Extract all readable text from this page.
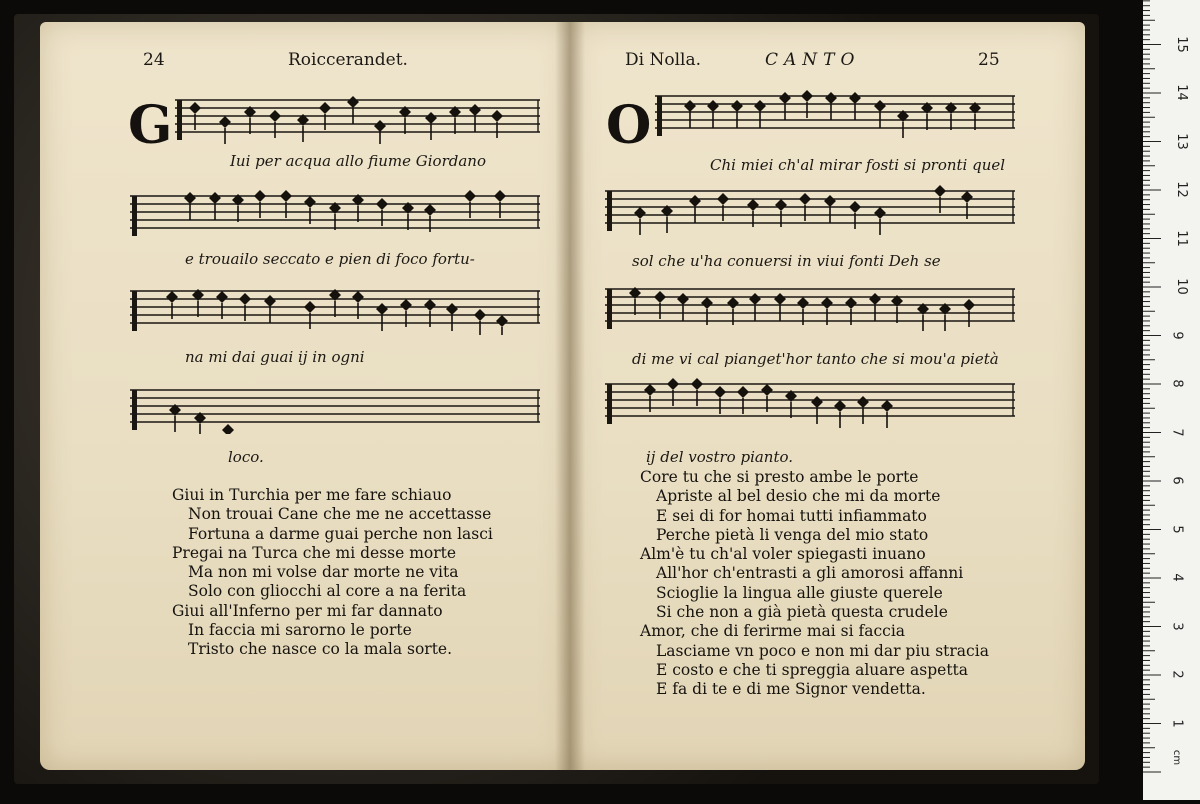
24	Roiccerandet.
G
Iui per acqua allo fiume Giordano
e trouailo seccato e pien di foco fortu-
na mi dai guai ij in ogni
loco.
Giui in Turchia per me fare schiauo
Non trouai Cane che me ne accettasse
Fortuna a darme guai perche non lasci
Pregai na Turca che mi desse morte
Ma non mi volse dar morte ne vita
Solo con gliocchi al core a na ferita
Giui all'Inferno per mi far dannato
In faccia mi sarorno le porte
Tristo che nasce co la mala sorte.
Di Nolla.	CANTO	25
O
Chi miei ch'al mirar fosti si pronti quel
sol che u'ha conuersi in viui fonti Deh se
di me vi cal pianget'hor tanto che si mou'a pietà
ij del vostro pianto.
Core tu che si presto ambe le porte
Apriste al bel desio che mi da morte
E sei di for homai tutti infiammato
Perche pietà li venga del mio stato
Alm'è tu ch'al voler spiegasti inuano
All'hor ch'entrasti a gli amorosi affanni
Scioglie la lingua alle giuste querele
Si che non a già pietà questa crudele
Amor, che di ferirme mai si faccia
Lasciame vn poco e non mi dar piu stracia
E costo e che ti spreggia aluare aspetta
E fa di te e di me Signor vendetta.
1
2
3
4
5
6
7
8
9
10
11
12
13
14
15
cm
